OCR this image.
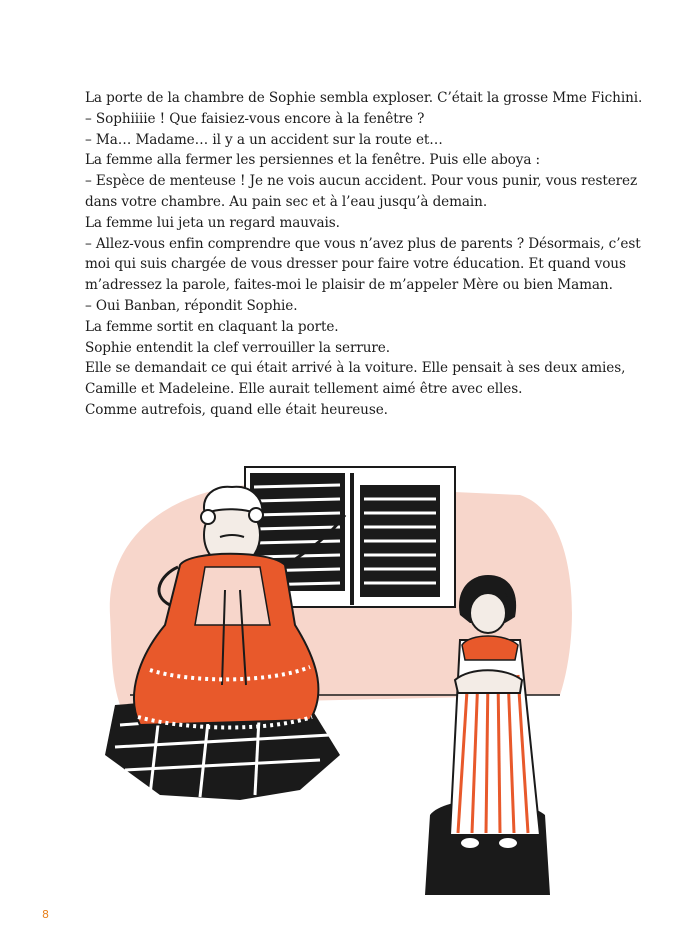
La porte de la chambre de Sophie sembla exploser. C’était la grosse Mme Fichini.
– Sophiiiie ! Que faisiez-vous encore à la fenêtre ?
– Ma… Madame… il y a un accident sur la route et…
La femme alla fermer les persiennes et la fenêtre. Puis elle aboya :
– Espèce de menteuse ! Je ne vois aucun accident. Pour vous punir, vous resterez
dans votre chambre. Au pain sec et à l’eau jusqu’à demain.
La femme lui jeta un regard mauvais.
– Allez-vous enfin comprendre que vous n’avez plus de parents ? Désormais, c’est
moi qui suis chargée de vous dresser pour faire votre éducation. Et quand vous
m’adressez la parole, faites-moi le plaisir de m’appeler Mère ou bien Maman.
– Oui Banban, répondit Sophie.
La femme sortit en claquant la porte.
Sophie entendit la clef verrouiller la serrure.
Elle se demandait ce qui était arrivé à la voiture. Elle pensait à ses deux amies,
Camille et Madeleine. Elle aurait tellement aimé être avec elles.
Comme autrefois, quand elle était heureuse.
8
